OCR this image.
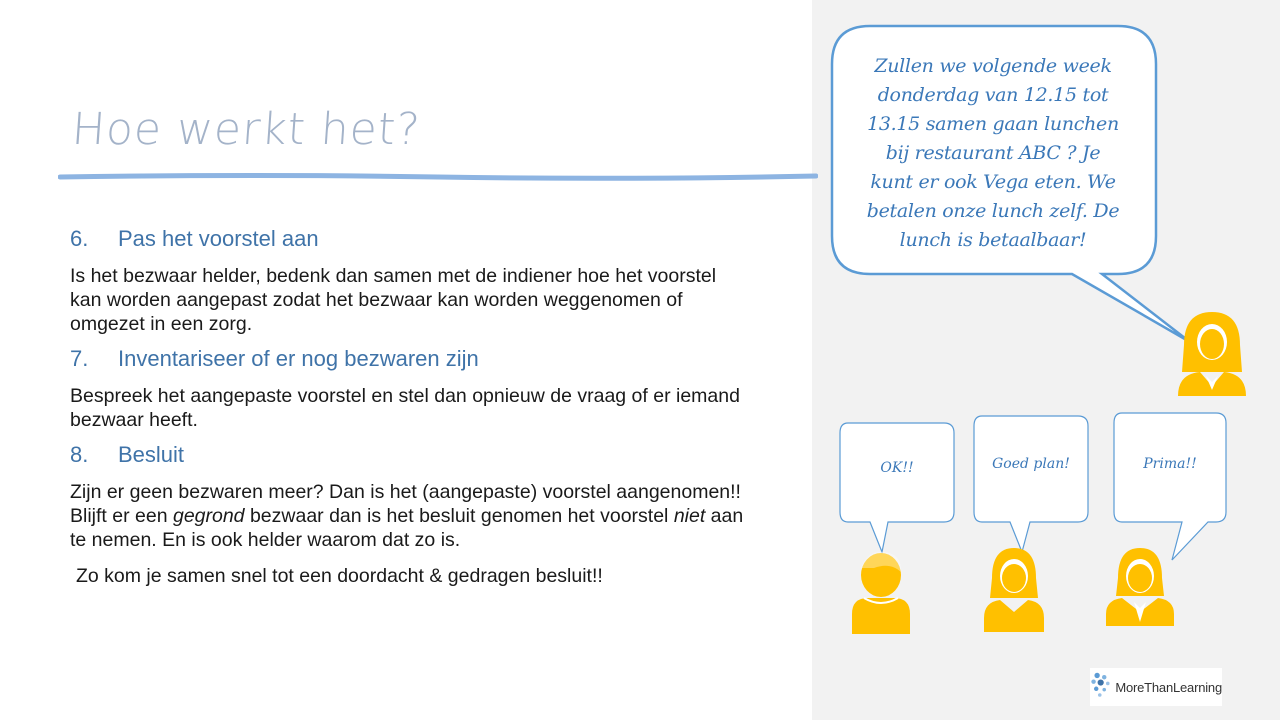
Hoe werkt het?
6.	Pas het voorstel aan
Is het bezwaar helder, bedenk dan samen met de indiener hoe het voorstel kan worden aangepast zodat het bezwaar kan worden weggenomen of omgezet in een zorg.
7.	Inventariseer of er nog bezwaren zijn
Bespreek het aangepaste voorstel en stel dan opnieuw de vraag of er iemand bezwaar heeft.
8.	Besluit
Zijn er geen bezwaren meer? Dan is het (aangepaste) voorstel aangenomen!! Blijft er een gegrond bezwaar dan is het besluit genomen het voorstel niet aan te nemen. En is ook helder waarom dat zo is.
Zo kom je samen snel tot een doordacht & gedragen besluit!!
Zullen we volgende week
donderdag van 12.15 tot
13.15 samen gaan lunchen
bij restaurant ABC ? Je
kunt er ook Vega eten. We
betalen onze lunch zelf. De
lunch is betaalbaar!
OK!!	Goed plan!	Prima!!
MoreThanLearning
